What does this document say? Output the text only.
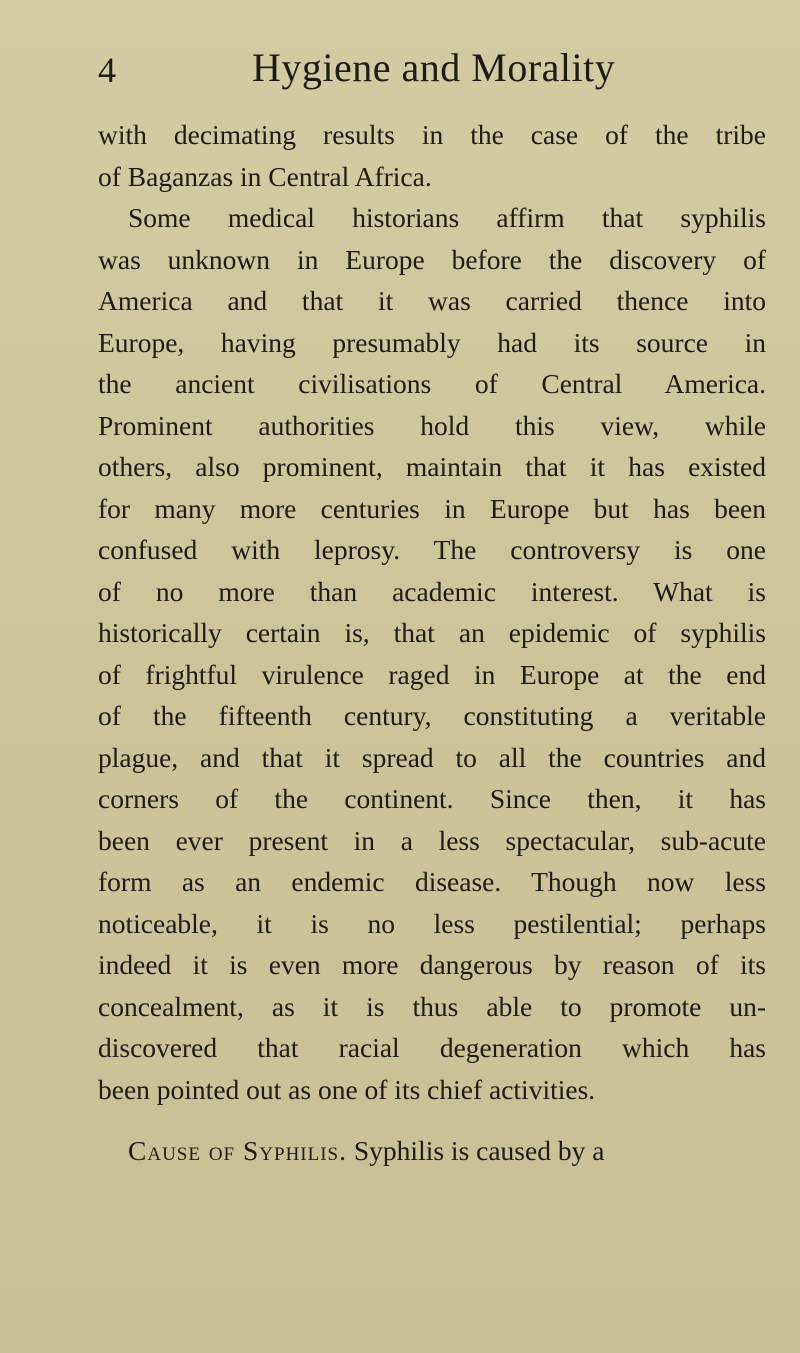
4	Hygiene and Morality
with decimating results in the case of the tribe
of Baganzas in Central Africa.
Some medical historians affirm that syphilis
was unknown in Europe before the discovery of
America and that it was carried thence into
Europe, having presumably had its source in
the ancient civilisations of Central America.
Prominent authorities hold this view, while
others, also prominent, maintain that it has existed
for many more centuries in Europe but has been
confused with leprosy. The controversy is one
of no more than academic interest. What is
historically certain is, that an epidemic of syphilis
of frightful virulence raged in Europe at the end
of the fifteenth century, constituting a veritable
plague, and that it spread to all the countries and
corners of the continent. Since then, it has
been ever present in a less spectacular, sub-acute
form as an endemic disease. Though now less
noticeable, it is no less pestilential; perhaps
indeed it is even more dangerous by reason of its
concealment, as it is thus able to promote un-
discovered that racial degeneration which has
been pointed out as one of its chief activities.
Cause of Syphilis. Syphilis is caused by a
